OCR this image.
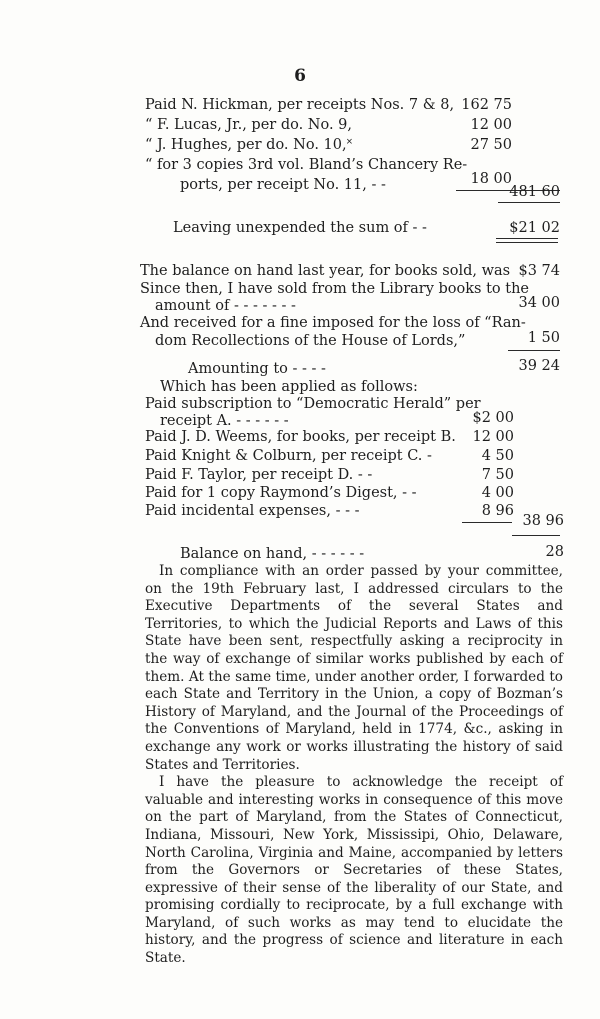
6
Paid N. Hickman, per receipts Nos. 7 & 8, 162 75
“ F. Lucas, Jr., per do. No. 9,	12 00
“ J. Hughes, per do. No. 10,˟	27 50
“ for 3 copies 3rd vol. Bland’s Chancery Re-
ports, per receipt No. 11, - -	18 00
481 60
Leaving unexpended the sum of - -	$21 02
The balance on hand last year, for books sold, was $3 74
Since then, I have sold from the Library books to the
amount of - - - - - - -	34 00
And received for a fine imposed for the loss of “Ran-
dom Recollections of the House of Lords,”	1 50
Amounting to - - - -	39 24
Which has been applied as follows:
Paid subscription to “Democratic Herald” per
receipt A. - - - - - -	$2 00
Paid J. D. Weems, for books, per receipt B. 12 00
Paid Knight & Colburn, per receipt C. -	4 50
Paid F. Taylor, per receipt D. - -	7 50
Paid for 1 copy Raymond’s Digest, - -	4 00
Paid incidental expenses, - - -	8 96
38 96
Balance on hand, - - - - - -	28

In compliance with an order passed by your committee, on the 19th February last, I addressed circulars to the Executive Departments of the several States and Territories, to which the Judicial Reports and Laws of this State have been sent, respectfully asking a reciprocity in the way of exchange of similar works published by each of them. At the same time, under another order, I forwarded to each State and Territory in the Union, a copy of Bozman’s History of Maryland, and the Journal of the Proceedings of the Conventions of Maryland, held in 1774, &c., asking in exchange any work or works illustrating the history of said States and Territories.

I have the pleasure to acknowledge the receipt of valuable and interesting works in consequence of this move on the part of Maryland, from the States of Connecticut, Indiana, Missouri, New York, Mississipi, Ohio, Delaware, North Carolina, Virginia and Maine, accompanied by letters from the Governors or Secretaries of these States, expressive of their sense of the liberality of our State, and promising cordially to reciprocate, by a full exchange with Maryland, of such works as may tend to elucidate the history, and the progress of science and literature in each State.
